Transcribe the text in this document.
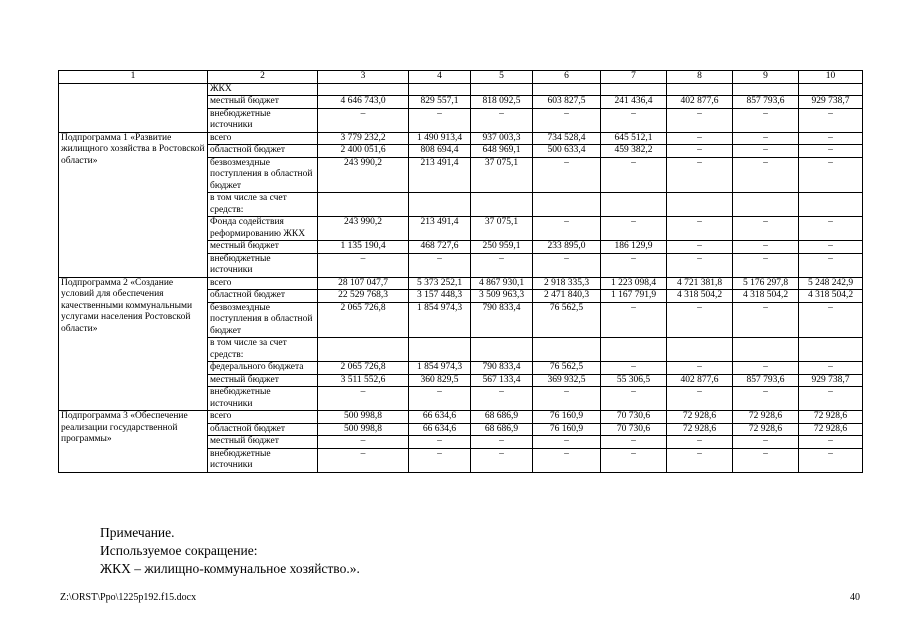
1	2	3	4	5	6	7	8	9	10
	ЖКХ								
	местный бюджет	4 646 743,0	829 557,1	818 092,5	603 827,5	241 436,4	402 877,6	857 793,6	929 738,7
	внебюджетные источники	–	–	–	–	–	–	–	–
Подпрограмма 1 «Развитие жилищного хозяйства в Ростовской области»	всего	3 779 232,2	1 490 913,4	937 003,3	734 528,4	645 512,1	–	–	–
	областной бюджет	2 400 051,6	808 694,4	648 969,1	500 633,4	459 382,2	–	–	–
	безвозмездные поступления в областной бюджет	243 990,2	213 491,4	37 075,1	–	–	–	–	–
	в том числе за счет средств:								
	Фонда содействия реформированию ЖКХ	243 990,2	213 491,4	37 075,1	–	–	–	–	–
	местный бюджет	1 135 190,4	468 727,6	250 959,1	233 895,0	186 129,9	–	–	–
	внебюджетные источники	–	–	–	–	–	–	–	–
Подпрограмма 2 «Создание условий для обеспечения качественными коммунальными услугами населения Ростовской области»	всего	28 107 047,7	5 373 252,1	4 867 930,1	2 918 335,3	1 223 098,4	4 721 381,8	5 176 297,8	5 248 242,9
	областной бюджет	22 529 768,3	3 157 448,3	3 509 963,3	2 471 840,3	1 167 791,9	4 318 504,2	4 318 504,2	4 318 504,2
	безвозмездные поступления в областной бюджет	2 065 726,8	1 854 974,3	790 833,4	76 562,5	–	–	–	–
	в том числе за счет средств:								
	федерального бюджета	2 065 726,8	1 854 974,3	790 833,4	76 562,5	–	–	–	–
	местный бюджет	3 511 552,6	360 829,5	567 133,4	369 932,5	55 306,5	402 877,6	857 793,6	929 738,7
	внебюджетные источники	–	–	–	–	–	–	–	–
Подпрограмма 3 «Обеспечение реализации государственной программы»	всего	500 998,8	66 634,6	68 686,9	76 160,9	70 730,6	72 928,6	72 928,6	72 928,6
	областной бюджет	500 998,8	66 634,6	68 686,9	76 160,9	70 730,6	72 928,6	72 928,6	72 928,6
	местный бюджет	–	–	–	–	–	–	–	–
	внебюджетные источники	–	–	–	–	–	–	–	–
Примечание.
Используемое сокращение:
ЖКХ – жилищно-коммунальное хозяйство.».
Z:\ORST\Ppo\1225p192.f15.docx	40
